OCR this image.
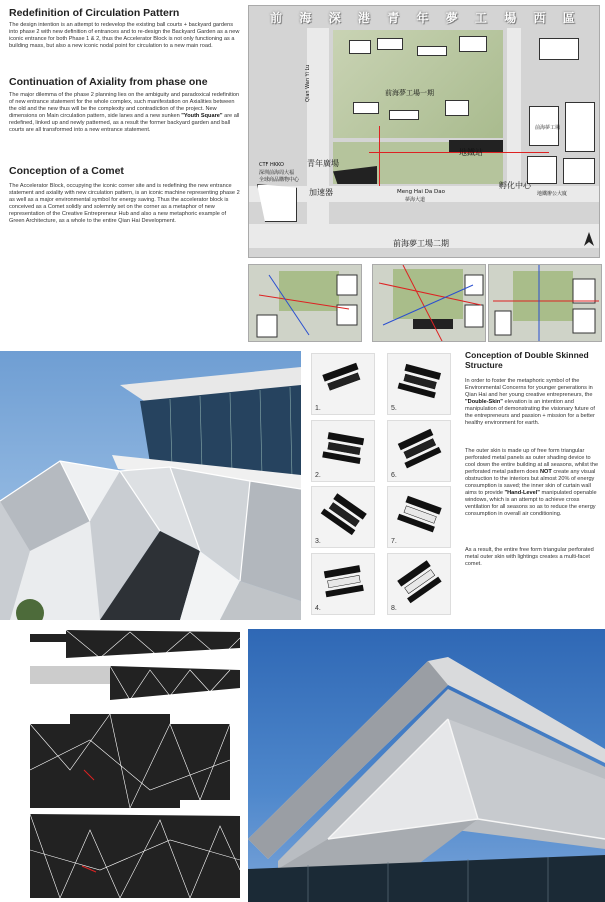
Redefinition of Circulation Pattern

The design intention is an attempt to redevelop the existing ball courts + backyard gardens into phase 2 with new definition of entrances and to re-design the Backyard Garden as a new iconic entrance for both Phase 1 & 2, thus the Accelerator Block is not only functioning as a building mass, but also a new iconic nodal point for circulation to a new main road.

Continuation of Axiality from phase one

The major dilemma of the phase 2 planning lies on the ambiguity and paradoxical redefinition of new entrance statement for the whole complex, such manifestation on Axialities between the old and the new thus will be the complexity and contradiction of the project. New dimensions on Main circulation pattern, side lanes and a new sunken "Youth Square" are all redefined, linked up and newly patterned, as a result the former backyard garden and ball courts are all transformed into a new entrance statement.

Conception of a Comet

The Accelerator Block, occupying the iconic corner site and is redefining the new entrance statement and axiality with new circulation pattern, is an iconic machine representing phase 2 as well as a major environmental symbol for energy saving. Thus the accelerator block is conceived as a Comet solidly and solemnly set on the corner as a metaphor of new representation of the Creative Entrepreneur Hub and also a new metaphoric example of Green Architecture, as a whole to the entire Qian Hai Development.

前 海 深 港 青 年 夢 工 場 西 區
前海夢工場一期
青年廣場
加速器
地鐵站
孵化中心
Meng Hai Da Dao
夢海大道
前海夢工場二期
Qian Wan Yi Lu
CTF HKKO
深圳前海周大福
全球商品購物中心
前海夢工場
地鐵辦公大廈
1.
2.
3.
4.
5.
6.
7.
8.
Conception of Double Skinned Structure

In order to foster the metaphoric symbol of the Environmental Concerns for younger generations in Qian Hai and her young creative entrepreneurs, the "Double-Skin" elevation is an intention and manipulation of demonstrating the visionary future of the entrepreneurs and passion + mission for a better healthy environment for earth.

The outer skin is made up of free form triangular perforated metal panels as outer shading device to cool down the entire building at all seasons, whilst the perforated metal pattern does NOT create any visual obstruction to the interiors but almost 20% of energy consumption is saved; the inner skin of curtain wall aims to provide "Hand-Level" manipulated openable windows, which is an attempt to achieve cross ventilation for all seasons so as to reduce the energy consumption in overall air conditioning.

As a result, the entire free form triangular perforated metal outer skin with lightings creates a multi-facet comet.
